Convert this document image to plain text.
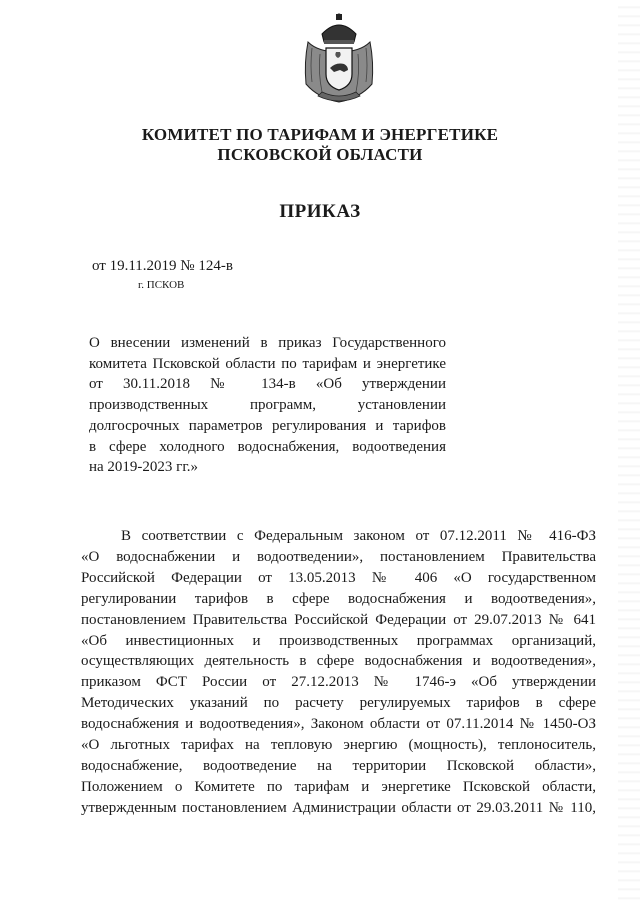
КОМИТЕТ ПО ТАРИФАМ И ЭНЕРГЕТИКЕ
ПСКОВСКОЙ ОБЛАСТИ
ПРИКАЗ
от 19.11.2019 № 124-в
г. ПСКОВ
О внесении изменений в приказ Государственного
комитета Псковской области по тарифам и энергетике
от 30.11.2018 № 134-в «Об утверждении
производственных программ, установлении
долгосрочных параметров регулирования и тарифов
в сфере холодного водоснабжения, водоотведения
на 2019-2023 гг.»
В соответствии с Федеральным законом от 07.12.2011 № 416-ФЗ
«О водоснабжении и водоотведении», постановлением Правительства
Российской Федерации от 13.05.2013 № 406 «О государственном
регулировании тарифов в сфере водоснабжения и водоотведения»,
постановлением Правительства Российской Федерации от 29.07.2013 № 641
«Об инвестиционных и производственных программах организаций,
осуществляющих деятельность в сфере водоснабжения и водоотведения»,
приказом ФСТ России от 27.12.2013 № 1746-э «Об утверждении
Методических указаний по расчету регулируемых тарифов в сфере
водоснабжения и водоотведения», Законом области от 07.11.2014 № 1450-ОЗ
«О льготных тарифах на тепловую энергию (мощность), теплоноситель,
водоснабжение, водоотведение на территории Псковской области»,
Положением о Комитете по тарифам и энергетике Псковской области,
утвержденным постановлением Администрации области от 29.03.2011 № 110,
